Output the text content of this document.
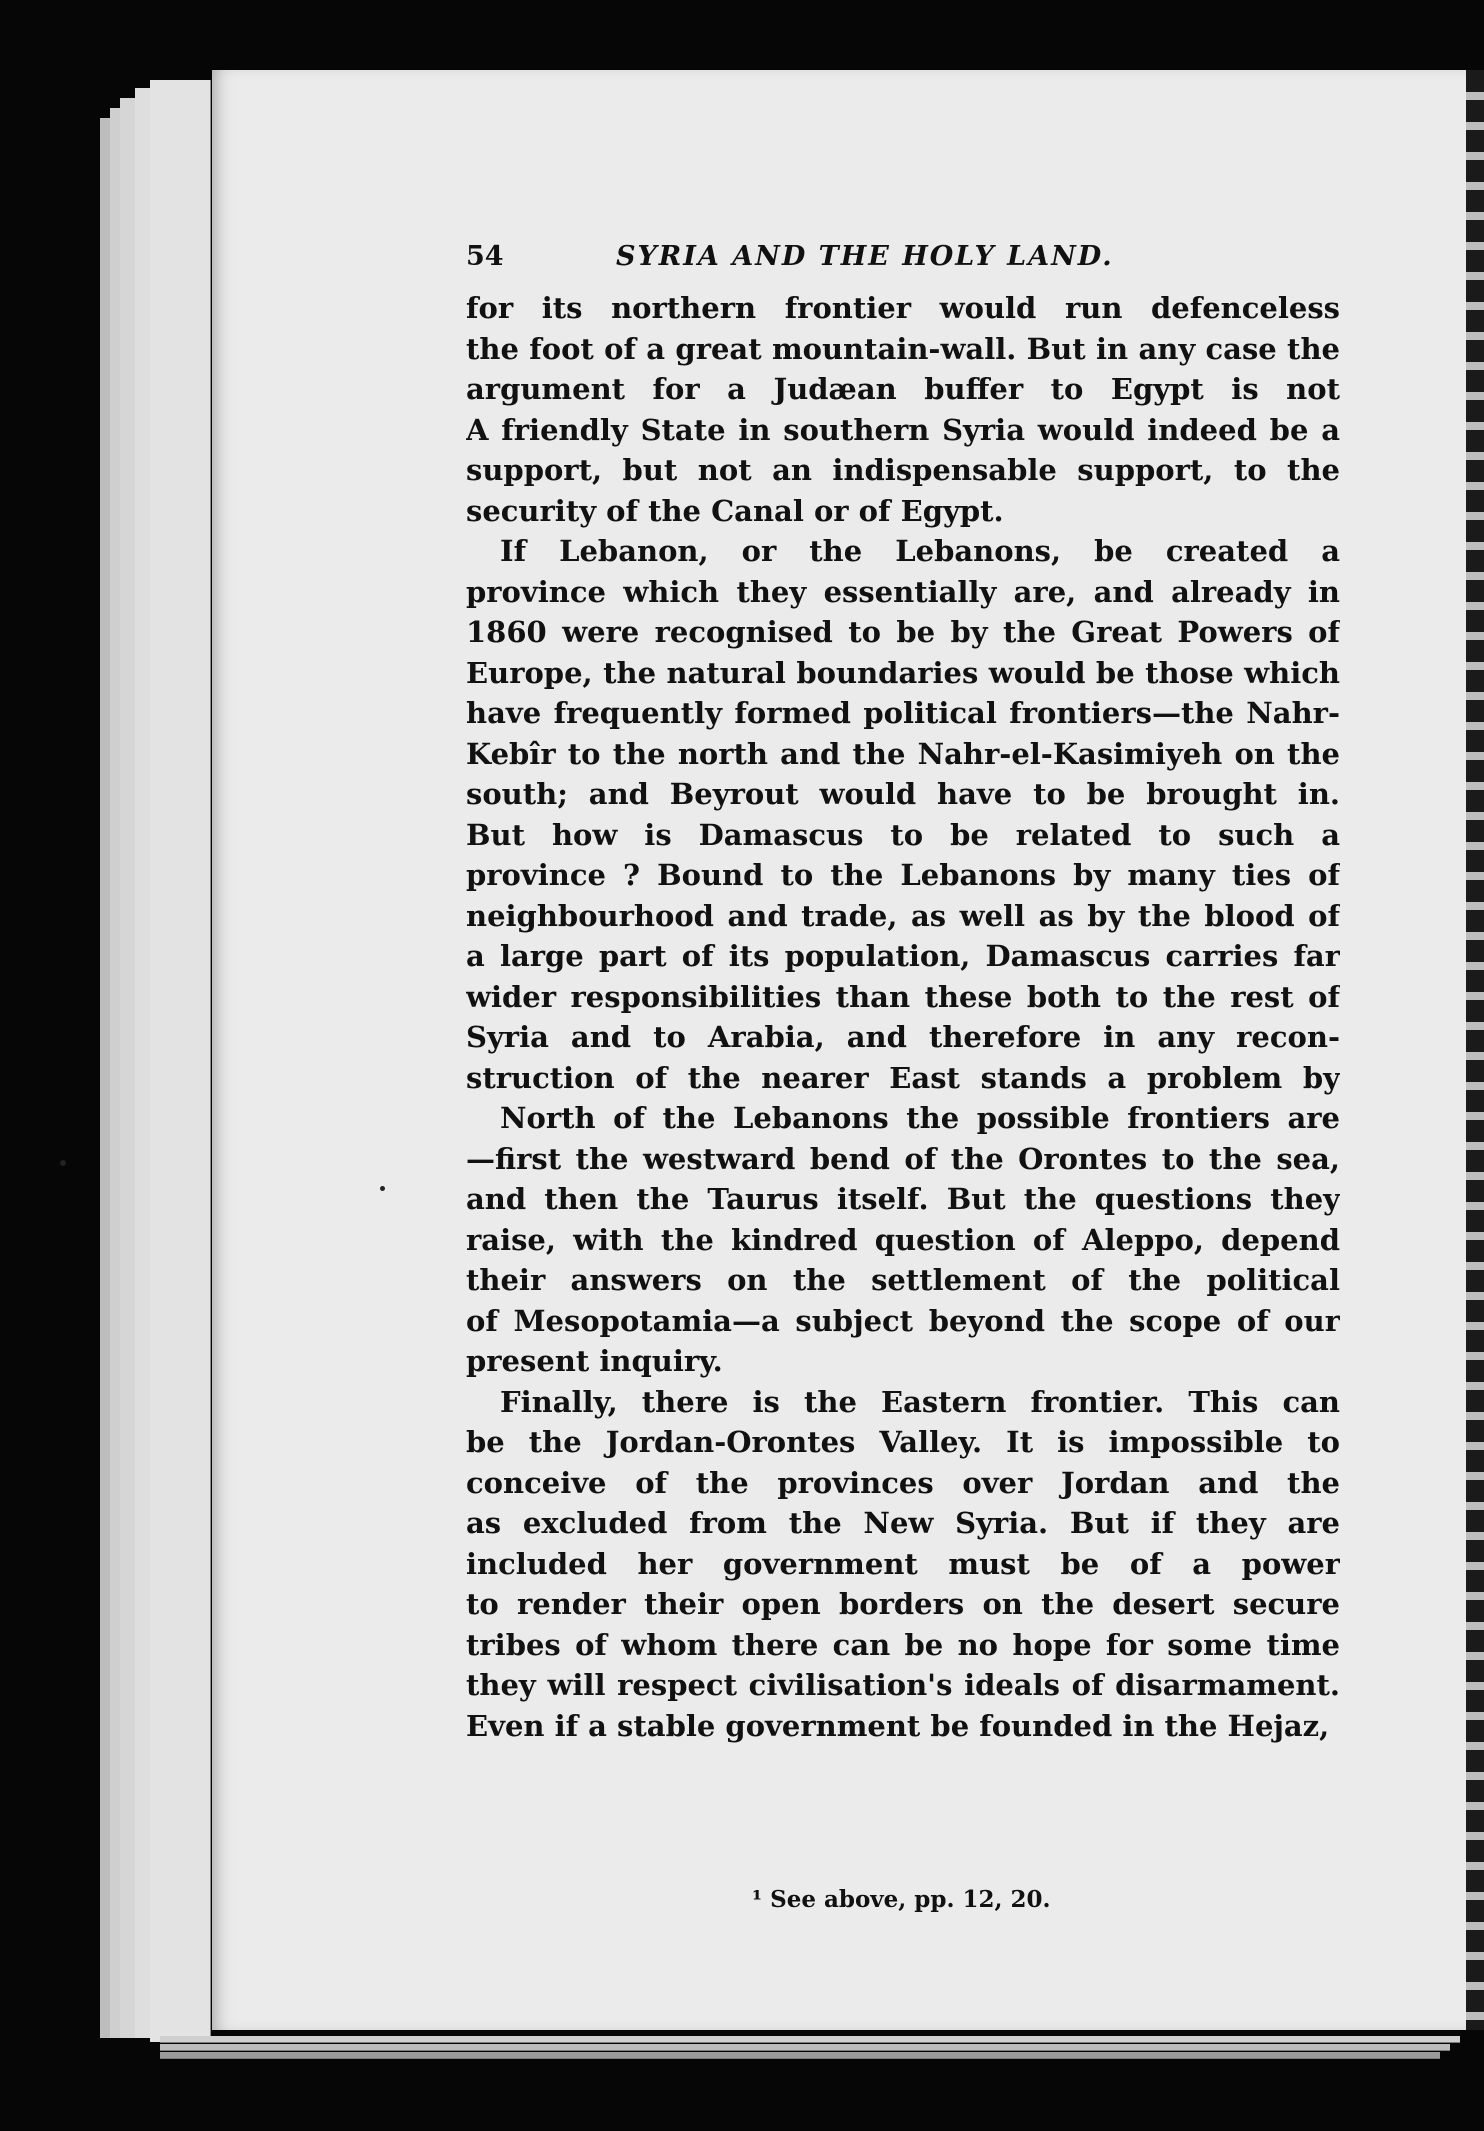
54	SYRIA AND THE HOLY LAND.
for its northern frontier would run defenceless
the foot of a great mountain-wall. But in any case the
argument for a Judæan buffer to Egypt is not
A friendly State in southern Syria would indeed be a
support, but not an indispensable support, to the
security of the Canal or of Egypt.
If Lebanon, or the Lebanons, be created a
province which they essentially are, and already in
1860 were recognised to be by the Great Powers of
Europe, the natural boundaries would be those which
have frequently formed political frontiers—the Nahr-
Kebîr to the north and the Nahr-el-Kasimiyeh on the
south; and Beyrout would have to be brought in.
But how is Damascus to be related to such a
province ? Bound to the Lebanons by many ties of
neighbourhood and trade, as well as by the blood of
a large part of its population, Damascus carries far
wider responsibilities than these both to the rest of
Syria and to Arabia, and therefore in any recon-
struction of the nearer East stands a problem by
North of the Lebanons the possible frontiers are
—first the westward bend of the Orontes to the sea,
and then the Taurus itself. But the questions they
raise, with the kindred question of Aleppo, depend
their answers on the settlement of the political
of Mesopotamia—a subject beyond the scope of our
present inquiry.
Finally, there is the Eastern frontier. This can
be the Jordan-Orontes Valley. It is impossible to
conceive of the provinces over Jordan and the
as excluded from the New Syria. But if they are
included her government must be of a power
to render their open borders on the desert secure
tribes of whom there can be no hope for some time
they will respect civilisation's ideals of disarmament.
Even if a stable government be founded in the Hejaz,
¹ See above, pp. 12, 20.
